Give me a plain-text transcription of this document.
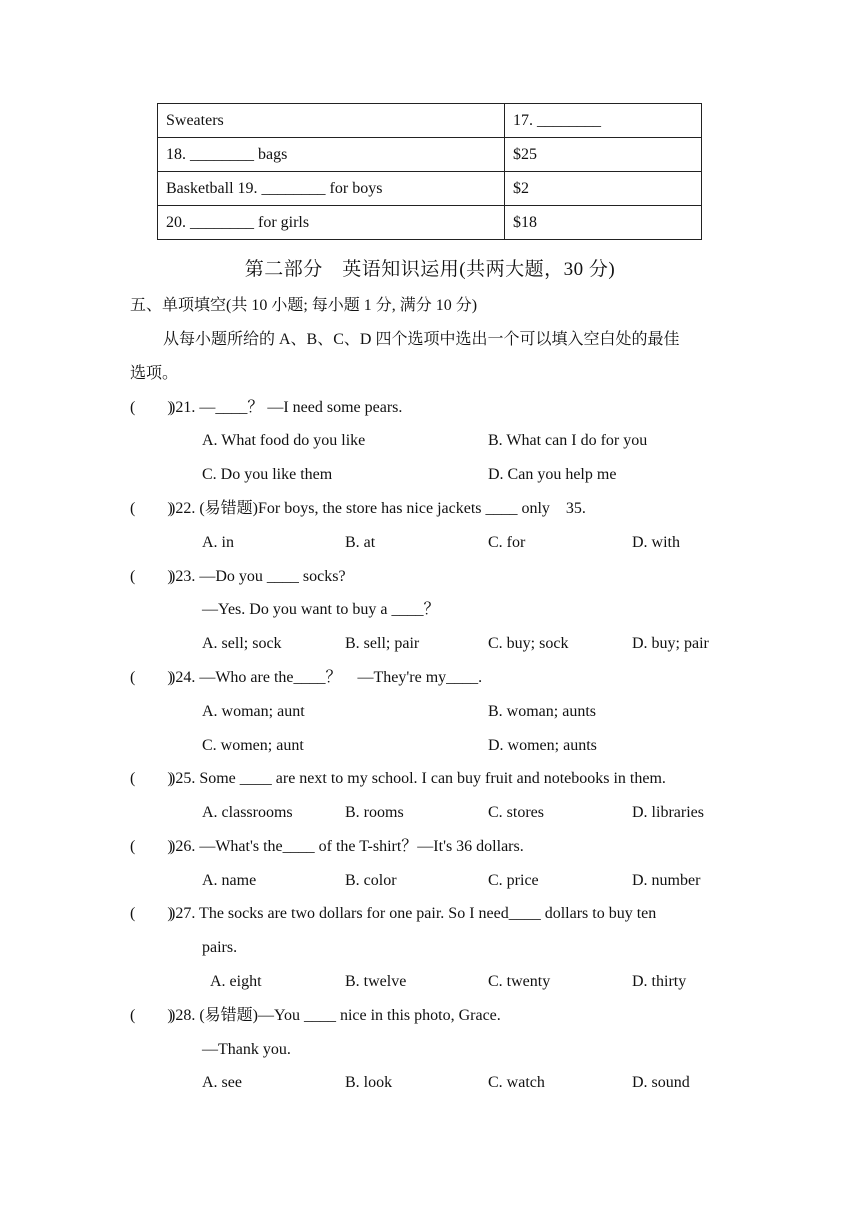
Sweaters	17. ________
18. ________ bags	$25
Basketball 19. ________ for boys	$2
20. ________ for girls	$18
第二部分　英语知识运用(共两大题，30 分)
五、单项填空(共 10 小题; 每小题 1 分, 满分 10 分)
从每小题所给的 A、B、C、D 四个选项中选出一个可以填入空白处的最佳
选项。
(　　)
)21. —____？ —I need some pears.
A. What food do you like	B. What can I do for you
C. Do you like them	D. Can you help me
(　　)
)22. (易错题)For boys, the store has nice jackets ____ only　35.
A. in	B. at	C. for	D. with
(　　)
)23. —Do you ____ socks?
—Yes. Do you want to buy a ____？
A. sell; sock	B. sell; pair	C. buy; sock	D. buy; pair
(　　)
)24. —Who are the____？　—They're my____.
A. woman; aunt	B. woman; aunts
C. women; aunt	D. women; aunts
(　　)
)25. Some ____ are next to my school. I can buy fruit and notebooks in them.
A. classrooms	B. rooms	C. stores	D. libraries
(　　)
)26. —What's the____ of the T-shirt？—It's 36 dollars.
A. name	B. color	C. price	D. number
(　　)
)27. The socks are two dollars for one pair. So I need____ dollars to buy ten
pairs.
A. eight	B. twelve	C. twenty	D. thirty
(　　)
)28. (易错题)—You ____ nice in this photo, Grace.
—Thank you.
A. see	B. look	C. watch	D. sound
